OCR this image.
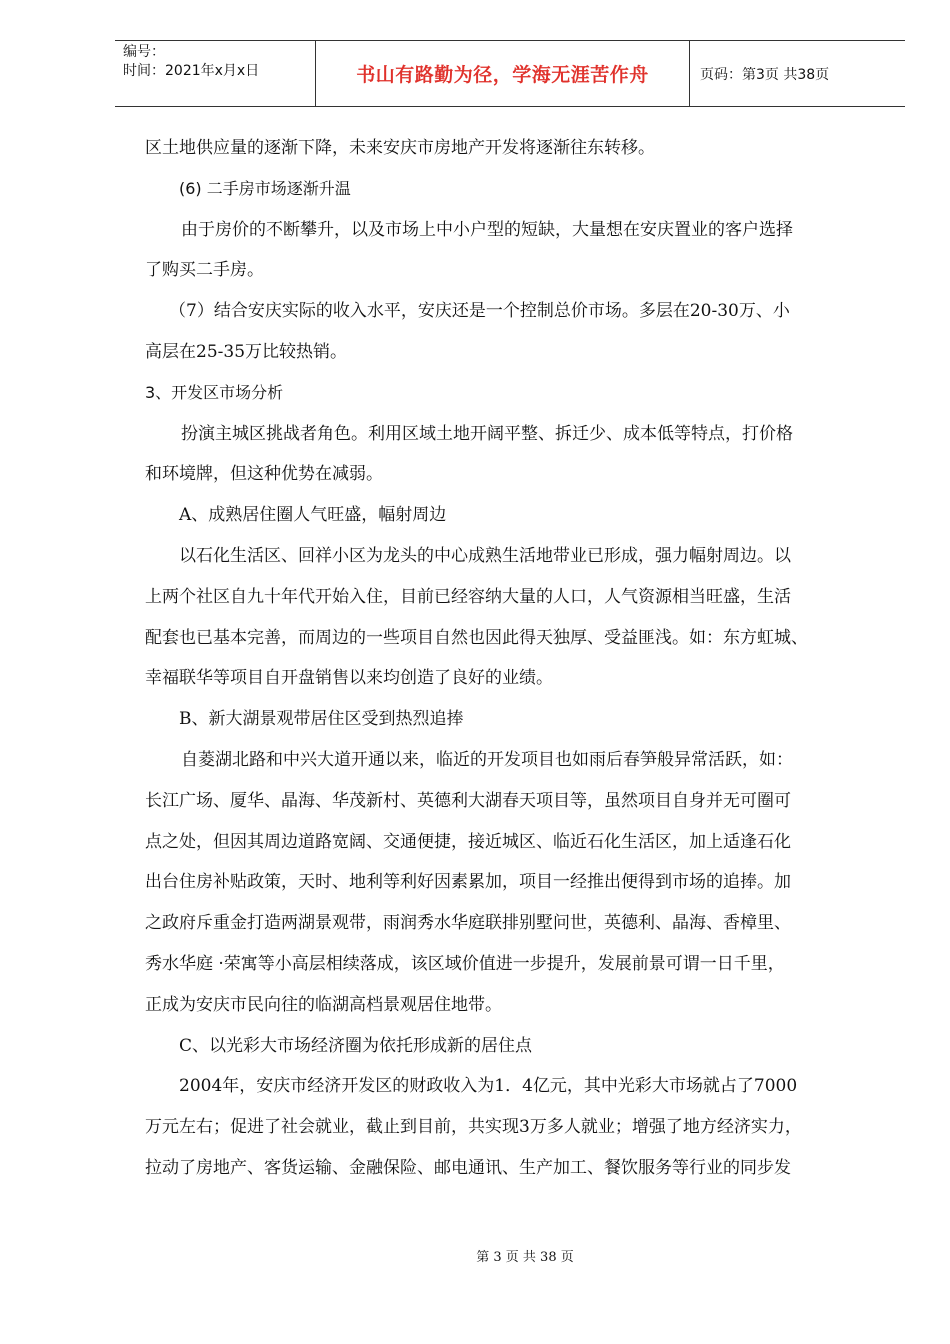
编号：
时间：2021年x月x日	书山有路勤为径，学海无涯苦作舟	页码：第3页 共38页

区土地供应量的逐渐下降，未来安庆市房地产开发将逐渐往东转移。

(6) 二手房市场逐渐升温

由于房价的不断攀升，以及市场上中小户型的短缺，大量想在安庆置业的客户选择

了购买二手房。

（7）结合安庆实际的收入水平，安庆还是一个控制总价市场。多层在20-30万、小

高层在25-35万比较热销。

3、开发区市场分析

扮演主城区挑战者角色。利用区域土地开阔平整、拆迁少、成本低等特点，打价格

和环境牌，但这种优势在减弱。

A、成熟居住圈人气旺盛，幅射周边

以石化生活区、回祥小区为龙头的中心成熟生活地带业已形成，强力幅射周边。以

上两个社区自九十年代开始入住，目前已经容纳大量的人口，人气资源相当旺盛，生活

配套也已基本完善，而周边的一些项目自然也因此得天独厚、受益匪浅。如：东方虹城、

幸福联华等项目自开盘销售以来均创造了良好的业绩。

B、新大湖景观带居住区受到热烈追捧

自菱湖北路和中兴大道开通以来，临近的开发项目也如雨后春笋般异常活跃，如：

长江广场、厦华、晶海、华茂新村、英德利大湖春天项目等，虽然项目自身并无可圈可

点之处，但因其周边道路宽阔、交通便捷，接近城区、临近石化生活区，加上适逢石化

出台住房补贴政策，天时、地利等利好因素累加，项目一经推出便得到市场的追捧。加

之政府斥重金打造两湖景观带，雨润秀水华庭联排别墅问世，英德利、晶海、香樟里、

秀水华庭 ·荣寓等小高层相续落成，该区域价值进一步提升，发展前景可谓一日千里，

正成为安庆市民向往的临湖高档景观居住地带。

C、以光彩大市场经济圈为依托形成新的居住点

2004年，安庆市经济开发区的财政收入为1．4亿元，其中光彩大市场就占了7000

万元左右；促进了社会就业，截止到目前，共实现3万多人就业；增强了地方经济实力，

拉动了房地产、客货运输、金融保险、邮电通讯、生产加工、餐饮服务等行业的同步发

第 3 页 共 38 页
